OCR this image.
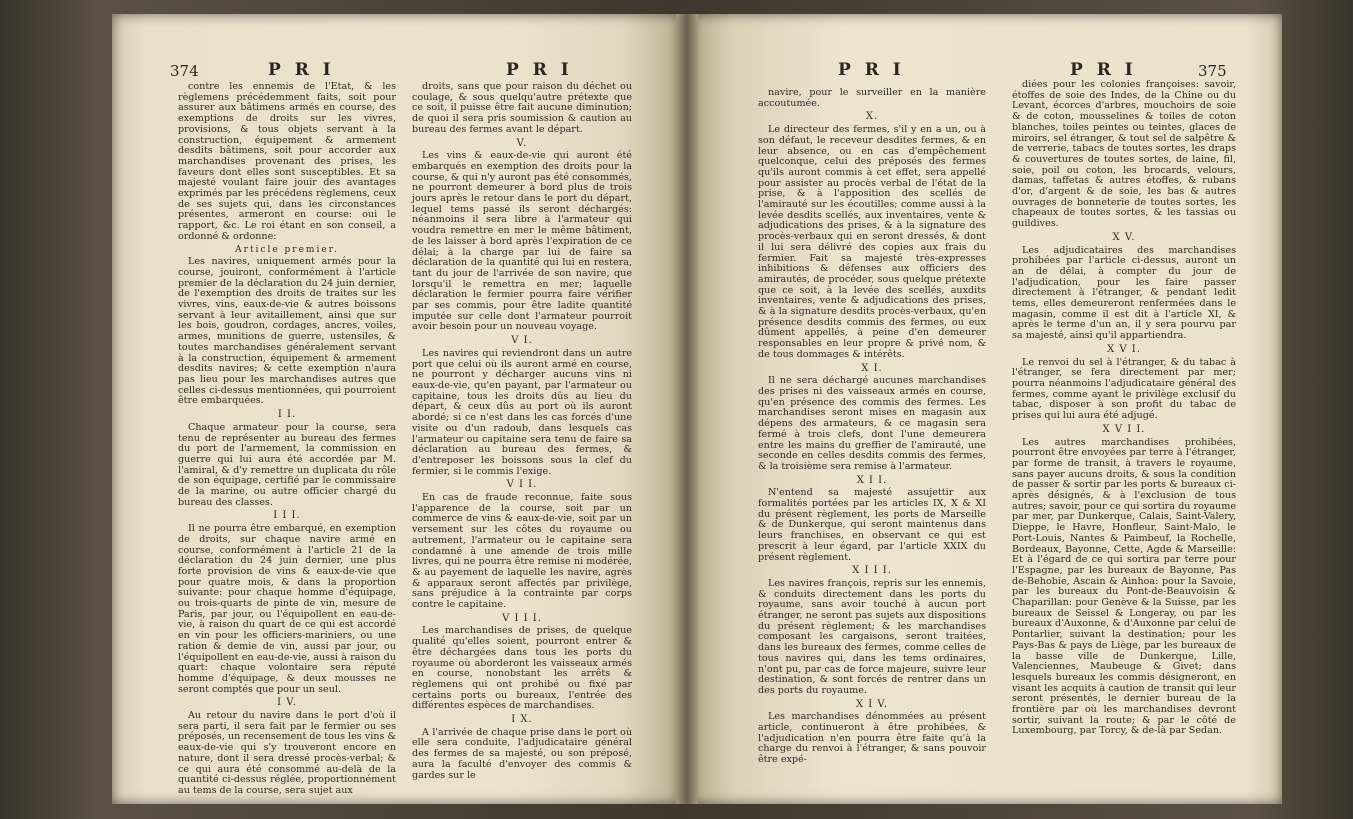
374	P R I	P R I	P R I	P R I	375

contre les ennemis de l'Etat, & les règlemens précédemment faits, soit pour assurer aux bâtimens armés en course, des exemptions de droits sur les vivres, provisions, & tous objets servant à la construction, équipement & armement desdits bâtimens, soit pour accorder aux marchandises provenant des prises, les faveurs dont elles sont susceptibles. Et sa majesté voulant faire jouir des avantages exprimés par les précédens règlemens, ceux de ses sujets qui, dans les circonstances présentes, armeront en course: oui le rapport, &c. Le roi étant en son conseil, a ordonné & ordonne:

Article premier.

Les navires, uniquement armés pour la course, jouiront, conformément à l'article premier de la déclaration du 24 juin dernier, de l'exemption des droits de traites sur les vivres, vins, eaux-de-vie & autres boissons servant à leur avitaillement, ainsi que sur les bois, goudron, cordages, ancres, voiles, armes, munitions de guerre, ustensiles, & toutes marchandises généralement servant à la construction, équipement & armement desdits navires; & cette exemption n'aura pas lieu pour les marchandises autres que celles ci-dessus mentionnées, qui pourroient être embarquées.

I I.

Chaque armateur pour la course, sera tenu de représenter au bureau des fermes du port de l'armement, la commission en guerre qui lui aura été accordée par M. l'amiral, & d'y remettre un duplicata du rôle de son équipage, certifié par le commissaire de la marine, ou autre officier chargé du bureau des classes.

I I I.

Il ne pourra être embarqué, en exemption de droits, sur chaque navire armé en course, conformément à l'article 21 de la déclaration du 24 juin dernier, une plus forte provision de vins & eaux-de-vie que pour quatre mois, & dans la proportion suivante: pour chaque homme d'équipage, ou trois-quarts de pinte de vin, mesure de Paris, par jour, ou l'équipollent en eau-de-vie, à raison du quart de ce qui est accordé en vin pour les officiers-mariniers, ou une ration & demie de vin, aussi par jour, ou l'équipollent en eau-de-vie, aussi à raison du quart: chaque volontaire sera réputé homme d'équipage, & deux mousses ne seront comptés que pour un seul.

I V.

Au retour du navire dans le port d'où il sera parti, il sera fait par le fermier ou ses préposés, un recensement de tous les vins & eaux-de-vie qui s'y trouveront encore en nature, dont il sera dressé procès-verbal; & ce qui aura été consommé au-delà de la quantité ci-dessus réglée, proportionnément au tems de la course, sera sujet aux

droits, sans que pour raison du déchet ou coulage, & sous quelqu'autre prétexte que ce soit, il puisse être fait aucune diminution; de quoi il sera pris soumission & caution au bureau des fermes avant le départ.

V.

Les vins & eaux-de-vie qui auront été embarqués en exemption des droits pour la course, & qui n'y auront pas été consommés, ne pourront demeurer à bord plus de trois jours après le retour dans le port du départ, lequel tems passé ils seront déchargés: néanmoins il sera libre à l'armateur qui voudra remettre en mer le même bâtiment, de les laisser à bord après l'expiration de ce délai; à la charge par lui de faire sa déclaration de la quantité qui lui en restera, tant du jour de l'arrivée de son navire, que lorsqu'il le remettra en mer; laquelle déclaration le fermier pourra faire vérifier par ses commis, pour être ladite quantité imputée sur celle dont l'armateur pourroit avoir besoin pour un nouveau voyage.

V I.

Les navires qui reviendront dans un autre port que celui où ils auront armé en course, ne pourront y décharger aucuns vins ni eaux-de-vie, qu'en payant, par l'armateur ou capitaine, tous les droits dûs au lieu du départ, & ceux dûs au port où ils auront abordé; si ce n'est dans les cas forcés d'une visite ou d'un radoub, dans lesquels cas l'armateur ou capitaine sera tenu de faire sa déclaration au bureau des fermes, & d'entreposer les boissons sous la clef du fermier, si le commis l'exige.

V I I.

En cas de fraude reconnue, faite sous l'apparence de la course, soit par un commerce de vins & eaux-de-vie, soit par un versement sur les côtes du royaume ou autrement, l'armateur ou le capitaine sera condamné à une amende de trois mille livres, qui ne pourra être remise ni modérée, & au payement de laquelle les navire, agrès & apparaux seront affectés par privilège, sans préjudice à la contrainte par corps contre le capitaine.

V I I I.

Les marchandises de prises, de quelque qualité qu'elles soient, pourront entrer & être déchargées dans tous les ports du royaume où aborderont les vaisseaux armés en course, nonobstant les arrêts & règlemens qui ont prohibé ou fixé par certains ports ou bureaux, l'entrée des différentes espèces de marchandises.

I X.

A l'arrivée de chaque prise dans le port où elle sera conduite, l'adjudicataire général des fermes de sa majesté, ou son préposé, aura la faculté d'envoyer des commis & gardes sur le

navire, pour le surveiller en la manière accoutumée.

X.

Le directeur des fermes, s'il y en a un, ou à son défaut, le receveur desdites fermes, & en leur absence, ou en cas d'empêchement quelconque, celui des préposés des fermes qu'ils auront commis à cet effet, sera appellé pour assister au procès verbal de l'état de la prise, & à l'apposition des scellés de l'amirauté sur les écoutilles; comme aussi à la levée desdits scellés, aux inventaires, vente & adjudications des prises, & à la signature des procès-verbaux qui en seront dressés, & dont il lui sera délivré des copies aux frais du fermier. Fait sa majesté très-expresses inhibitions & défenses aux officiers des amirautés, de procéder, sous quelque prétexte que ce soit, à la levée des scellés, auxdits inventaires, vente & adjudications des prises, & à la signature desdits procès-verbaux, qu'en présence desdits commis des fermes, ou eux dûment appellés, à peine d'en demeurer responsables en leur propre & privé nom, & de tous dommages & intérêts.

X I.

Il ne sera déchargé aucunes marchandises des prises ni des vaisseaux armés en course, qu'en présence des commis des fermes. Les marchandises seront mises en magasin aux dépens des armateurs, & ce magasin sera fermé à trois clefs, dont l'une demeurera entre les mains du greffier de l'amirauté, une seconde en celles desdits commis des fermes, & la troisième sera remise à l'armateur.

X I I.

N'entend sa majesté assujettir aux formalités portées par les articles IX, X & XI du présent règlement, les ports de Marseille & de Dunkerque, qui seront maintenus dans leurs franchises, en observant ce qui est prescrit à leur égard, par l'article XXIX du présent règlement.

X I I I.

Les navires françois, repris sur les ennemis, & conduits directement dans les ports du royaume, sans avoir touché à aucun port étranger, ne seront pas sujets aux dispositions du présent règlement; & les marchandises composant les cargaisons, seront traitées, dans les bureaux des fermes, comme celles de tous navires qui, dans les tems ordinaires, n'ont pu, par cas de force majeure, suivre leur destination, & sont forcés de rentrer dans un des ports du royaume.

X I V.

Les marchandises dénommées au présent article, continueront à être prohibées, & l'adjudication n'en pourra être faite qu'à la charge du renvoi à l'étranger, & sans pouvoir être expé-

diées pour les colonies françoises: savoir, étoffes de soie des Indes, de la Chine ou du Levant, écorces d'arbres, mouchoirs de soie & de coton, mousselines & toiles de coton blanches, toiles peintes ou teintes, glaces de miroirs, sel étranger, & tout sel de salpêtre & de verrerie, tabacs de toutes sortes, les draps & couvertures de toutes sortes, de laine, fil, soie, poil ou coton, les brocards, velours, damas, taffetas & autres étoffes, & rubans d'or, d'argent & de soie, les bas & autres ouvrages de bonneterie de toutes sortes, les chapeaux de toutes sortes, & les tassias ou guildives.

X V.

Les adjudicataires des marchandises prohibées par l'article ci-dessus, auront un an de délai, à compter du jour de l'adjudication, pour les faire passer directement à l'étranger, & pendant ledit tems, elles demeureront renfermées dans le magasin, comme il est dit à l'article XI, & après le terme d'un an, il y sera pourvu par sa majesté, ainsi qu'il appartiendra.

X V I.

Le renvoi du sel à l'étranger, & du tabac à l'étranger, se fera directement par mer; pourra néanmoins l'adjudicataire général des fermes, comme ayant le privilège exclusif du tabac, disposer à son profit du tabac de prises qui lui aura été adjugé.

X V I I.

Les autres marchandises prohibées, pourront être envoyées par terre à l'étranger, par forme de transit, à travers le royaume, sans payer aucuns droits, & sous la condition de passer & sortir par les ports & bureaux ci-après désignés, & à l'exclusion de tous autres; savoir, pour ce qui sortira du royaume par mer, par Dunkerque, Calais, Saint-Valery, Dieppe, le Havre, Honfleur, Saint-Malo, le Port-Louis, Nantes & Paimbeuf, la Rochelle, Bordeaux, Bayonne, Cette, Agde & Marseille: Et à l'égard de ce qui sortira par terre pour l'Espagne, par les bureaux de Bayonne, Pas de-Behobie, Ascain & Ainhoa: pour la Savoie, par les bureaux du Pont-de-Beauvoisin & Chaparillan: pour Genève & la Suisse, par les bureaux de Seissel & Longeray, ou par les bureaux d'Auxonne, & d'Auxonne par celui de Pontarlier, suivant la destination; pour les Pays-Bas & pays de Liège, par les bureaux de la basse ville de Dunkerque, Lille, Valenciennes, Maubeuge & Givet; dans lesquels bureaux les commis désigneront, en visant les acquits à caution de transit qui leur seront présentés, le dernier bureau de la frontière par où les marchandises devront sortir, suivant la route; & par le côté de Luxembourg, par Torcy, & de-là par Sedan.
